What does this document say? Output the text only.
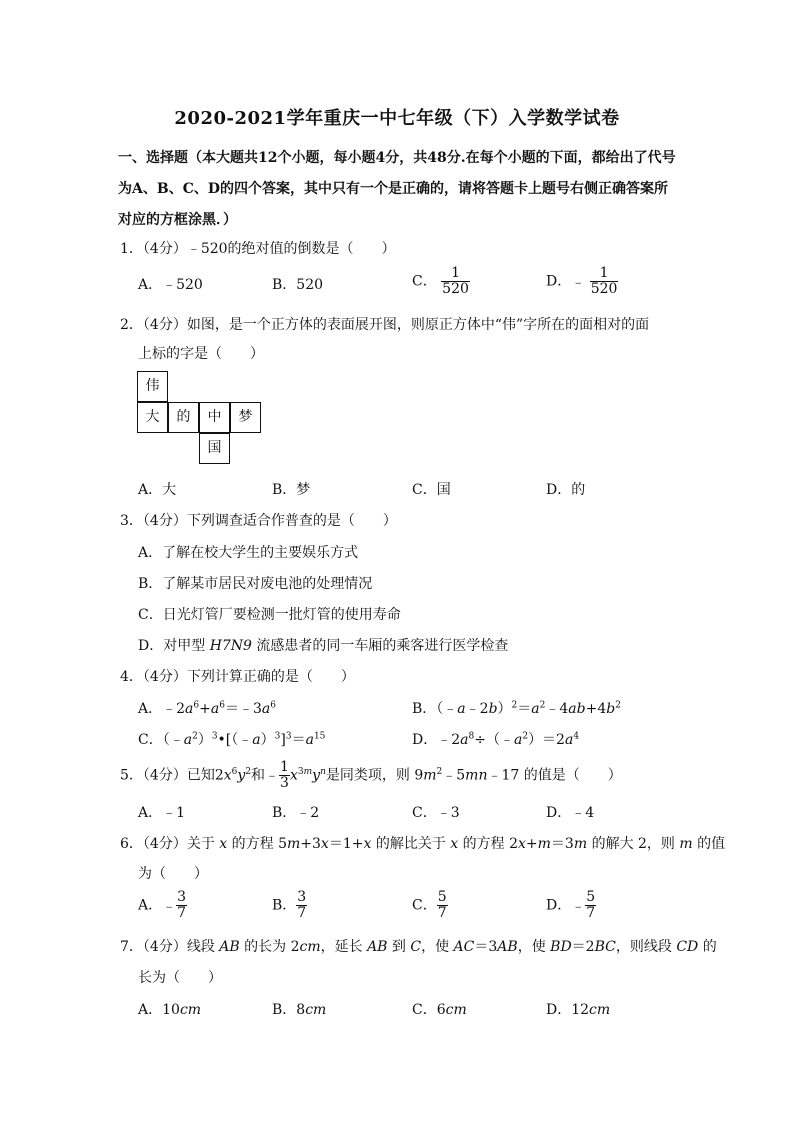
2020-2021学年重庆一中七年级（下）入学数学试卷
一、选择题（本大题共12个小题，每小题4分，共48分.在每个小题的下面，都给出了代号为A、B、C、D的四个答案，其中只有一个是正确的，请将答题卡上题号右侧正确答案所对应的方框涂黑．）
1．（4分）﹣520的绝对值的倒数是（　　）
A．﹣520	B．520	C． $\frac{1}{520}$	D．﹣ $\frac{1}{520}$
2．（4分）如图，是一个正方体的表面展开图，则原正方体中“伟”字所在的面相对的面
上标的字是（　　）
伟
大	的	中	梦
国
A．大	B．梦	C．国	D．的
3．（4分）下列调查适合作普查的是（　　）
A．了解在校大学生的主要娱乐方式
B．了解某市居民对废电池的处理情况
C．日光灯管厂要检测一批灯管的使用寿命
D．对甲型 H7N9 流感患者的同一车厢的乘客进行医学检查
4．（4分）下列计算正确的是（　　）
A．$﹣2a^6+a^6=﹣3a^6$	B．$(﹣a﹣2b)^2=a^2﹣4ab+4b^2$
C．$(﹣a^2)^3•[(﹣a)^3]^3=a^{15}$	D．$﹣2a^8\div(﹣a^2)=2a^4$
5．（4分）已知$2x^6y^2$和﹣ $\frac{1}{3} x^{3m}y^n$是同类项，则 $9m^2﹣5mn﹣17$ 的值是（　　）
A．﹣1	B．﹣2	C．﹣3	D．﹣4
6．（4分）关于 x 的方程 5m+3x＝1+x 的解比关于 x 的方程 2x+m＝3m 的解大 2，则 m 的值
为（　　）
A．﹣ $\frac{3}{7}$	B． $\frac{3}{7}$	C． $\frac{5}{7}$	D．﹣ $\frac{5}{7}$
7．（4分）线段 AB 的长为 2cm，延长 AB 到 C，使 AC＝3AB，使 BD＝2BC，则线段 CD 的
长为（　　）
A．10cm	B．8cm	C．6cm	D．12cm
